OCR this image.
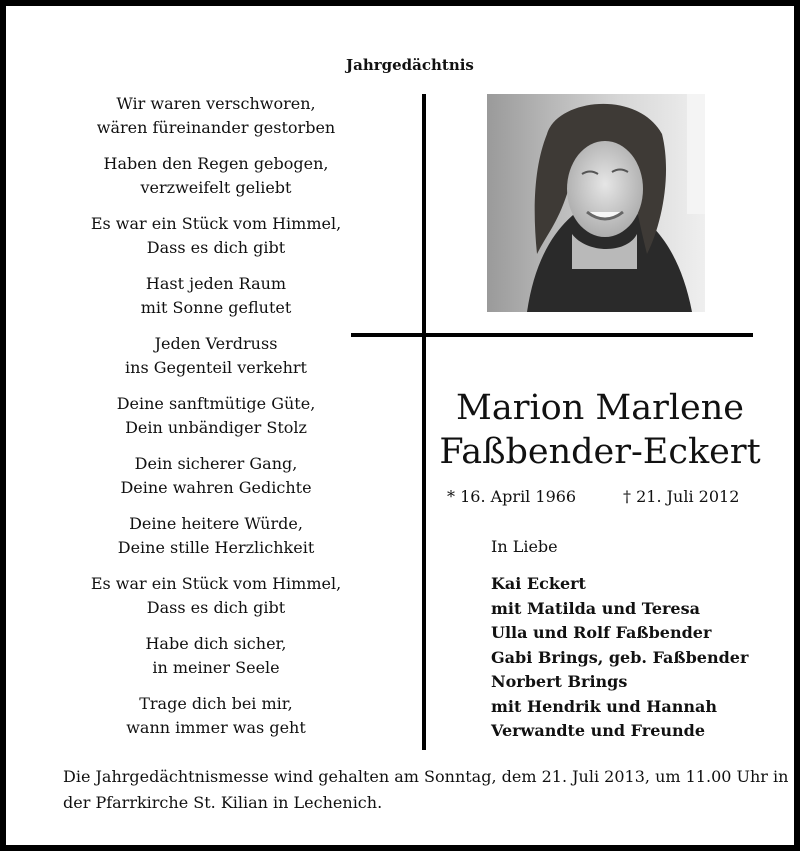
Jahrgedächtnis
Wir waren verschworen,
wären füreinander gestorben
Haben den Regen gebogen,
verzweifelt geliebt
Es war ein Stück vom Himmel,
Dass es dich gibt
Hast jeden Raum
mit Sonne geflutet
Jeden Verdruss
ins Gegenteil verkehrt
Deine sanftmütige Güte,
Dein unbändiger Stolz
Dein sicherer Gang,
Deine wahren Gedichte
Deine heitere Würde,
Deine stille Herzlichkeit
Es war ein Stück vom Himmel,
Dass es dich gibt
Habe dich sicher,
in meiner Seele
Trage dich bei mir,
wann immer was geht
Marion Marlene
Faßbender-Eckert
* 16. April 1966	† 21. Juli 2012
In Liebe
Kai Eckert
mit Matilda und Teresa
Ulla und Rolf Faßbender
Gabi Brings, geb. Faßbender
Norbert Brings
mit Hendrik und Hannah
Verwandte und Freunde
Die Jahrgedächtnismesse wind gehalten am Sonntag, dem 21. Juli 2013, um 11.00 Uhr in
der Pfarrkirche St. Kilian in Lechenich.
